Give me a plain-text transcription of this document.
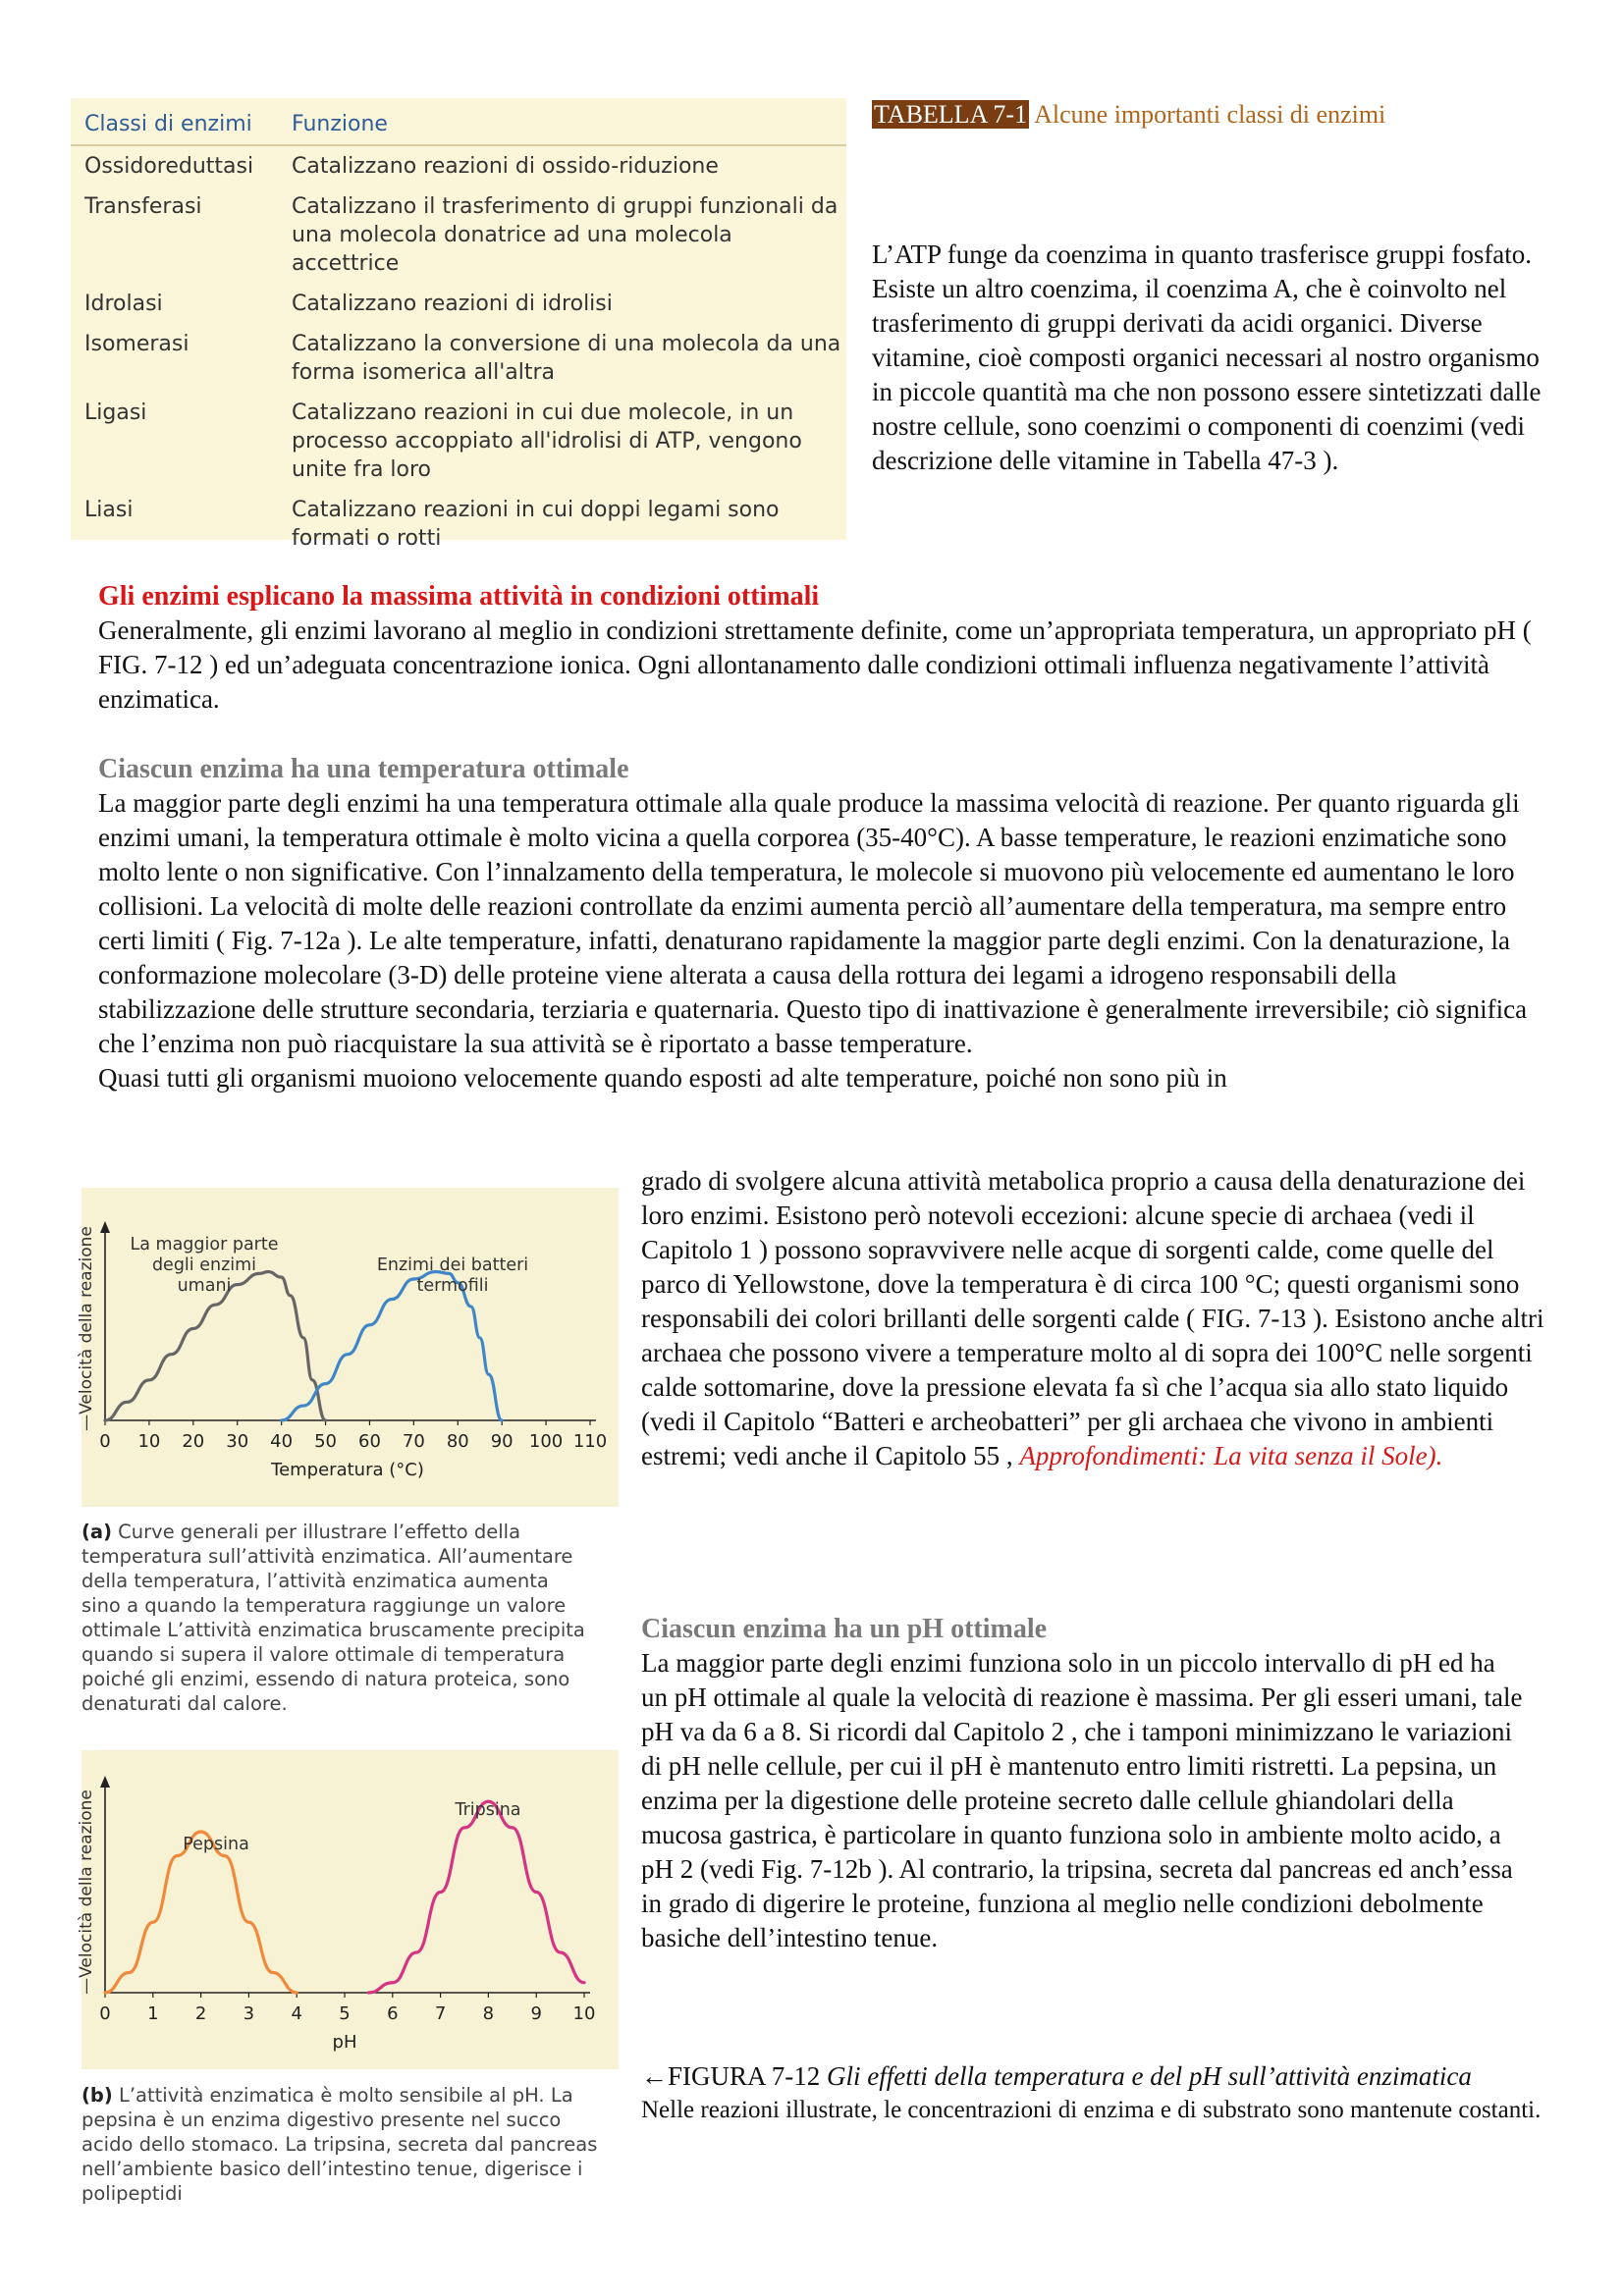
Classi di enzimi	Funzione
Ossidoreduttasi	Catalizzano reazioni di ossido-riduzione
Transferasi	Catalizzano il trasferimento di gruppi funzionali da una molecola donatrice ad una molecola accettrice
Idrolasi	Catalizzano reazioni di idrolisi
Isomerasi	Catalizzano la conversione di una molecola da una forma isomerica all'altra
Ligasi	Catalizzano reazioni in cui due molecole, in un processo accoppiato all'idrolisi di ATP, vengono unite fra loro
Liasi	Catalizzano reazioni in cui doppi legami sono formati o rotti
TABELLA 7-1 Alcune importanti classi di enzimi
L’ATP funge da coenzima in quanto trasferisce gruppi fosfato. Esiste un altro coenzima, il coenzima A, che è coinvolto nel trasferimento di gruppi derivati da acidi organici. Diverse vitamine, cioè composti organici necessari al nostro organismo in piccole quantità ma che non possono essere sintetizzati dalle nostre cellule, sono coenzimi o componenti di coenzimi (vedi descrizione delle vitamine in Tabella 47-3 ).
Gli enzimi esplicano la massima attività in condizioni ottimali
Generalmente, gli enzimi lavorano al meglio in condizioni strettamente definite, come un’appropriata temperatura, un appropriato pH ( FIG. 7-12 ) ed un’adeguata concentrazione ionica. Ogni allontanamento dalle condizioni ottimali influenza negativamente l’attività enzimatica.
Ciascun enzima ha una temperatura ottimale
La maggior parte degli enzimi ha una temperatura ottimale alla quale produce la massima velocità di reazione. Per quanto riguarda gli enzimi umani, la temperatura ottimale è molto vicina a quella corporea (35-40°C). A basse temperature, le reazioni enzimatiche sono molto lente o non significative. Con l’innalzamento della temperatura, le molecole si muovono più velocemente ed aumentano le loro collisioni. La velocità di molte delle reazioni controllate da enzimi aumenta perciò all’aumentare della temperatura, ma sempre entro certi limiti ( Fig. 7-12a ). Le alte temperature, infatti, denaturano rapidamente la maggior parte degli enzimi. Con la denaturazione, la conformazione molecolare (3-D) delle proteine viene alterata a causa della rottura dei legami a idrogeno responsabili della stabilizzazione delle strutture secondaria, terziaria e quaternaria. Questo tipo di inattivazione è generalmente irreversibile; ciò significa che l’enzima non può riacquistare la sua attività se è riportato a basse temperature.
Quasi tutti gli organismi muoiono velocemente quando esposti ad alte temperature, poiché non sono più in
grado di svolgere alcuna attività metabolica proprio a causa della denaturazione dei loro enzimi. Esistono però notevoli eccezioni: alcune specie di archaea (vedi il Capitolo 1 ) possono sopravvivere nelle acque di sorgenti calde, come quelle del parco di Yellowstone, dove la temperatura è di circa 100 °C; questi organismi sono responsabili dei colori brillanti delle sorgenti calde ( FIG. 7-13 ). Esistono anche altri archaea che possono vivere a temperature molto al di sopra dei 100°C nelle sorgenti calde sottomarine, dove la pressione elevata fa sì che l’acqua sia allo stato liquido (vedi il Capitolo “Batteri e archeobatteri” per gli archaea che vivono in ambienti estremi; vedi anche il Capitolo 55 , Approfondimenti: La vita senza il Sole).
Ciascun enzima ha un pH ottimale
La maggior parte degli enzimi funziona solo in un piccolo intervallo di pH ed ha un pH ottimale al quale la velocità di reazione è massima. Per gli esseri umani, tale pH va da 6 a 8. Si ricordi dal Capitolo 2 , che i tamponi minimizzano le variazioni di pH nelle cellule, per cui il pH è mantenuto entro limiti ristretti. La pepsina, un enzima per la digestione delle proteine secreto dalle cellule ghiandolari della mucosa gastrica, è particolare in quanto funziona solo in ambiente molto acido, a pH 2 (vedi Fig. 7-12b ). Al contrario, la tripsina, secreta dal pancreas ed anch’essa in grado di digerire le proteine, funziona al meglio nelle condizioni debolmente basiche dell’intestino tenue.
←FIGURA 7-12 Gli effetti della temperatura e del pH sull’attività enzimatica
Nelle reazioni illustrate, le concentrazioni di enzima e di substrato sono mantenute costanti.
—Velocità della reazione
0 10 20 30 40 50 60 70 80 90 100 110
Temperatura (°C)
La maggior parte degli enzimi umani
Enzimi dei batteri termofili
(a) Curve generali per illustrare l’effetto della temperatura sull’attività enzimatica. All’aumentare della temperatura, l’attività enzimatica aumenta sino a quando la temperatura raggiunge un valore ottimale L’attività enzimatica bruscamente precipita quando si supera il valore ottimale di temperatura poiché gli enzimi, essendo di natura proteica, sono denaturati dal calore.
—Velocità della reazione
0 1 2 3 4 5 6 7 8 9 10
pH
Pepsina
Tripsina
(b) L’attività enzimatica è molto sensibile al pH. La pepsina è un enzima digestivo presente nel succo acido dello stomaco. La tripsina, secreta dal pancreas nell’ambiente basico dell’intestino tenue, digerisce i polipeptidi
